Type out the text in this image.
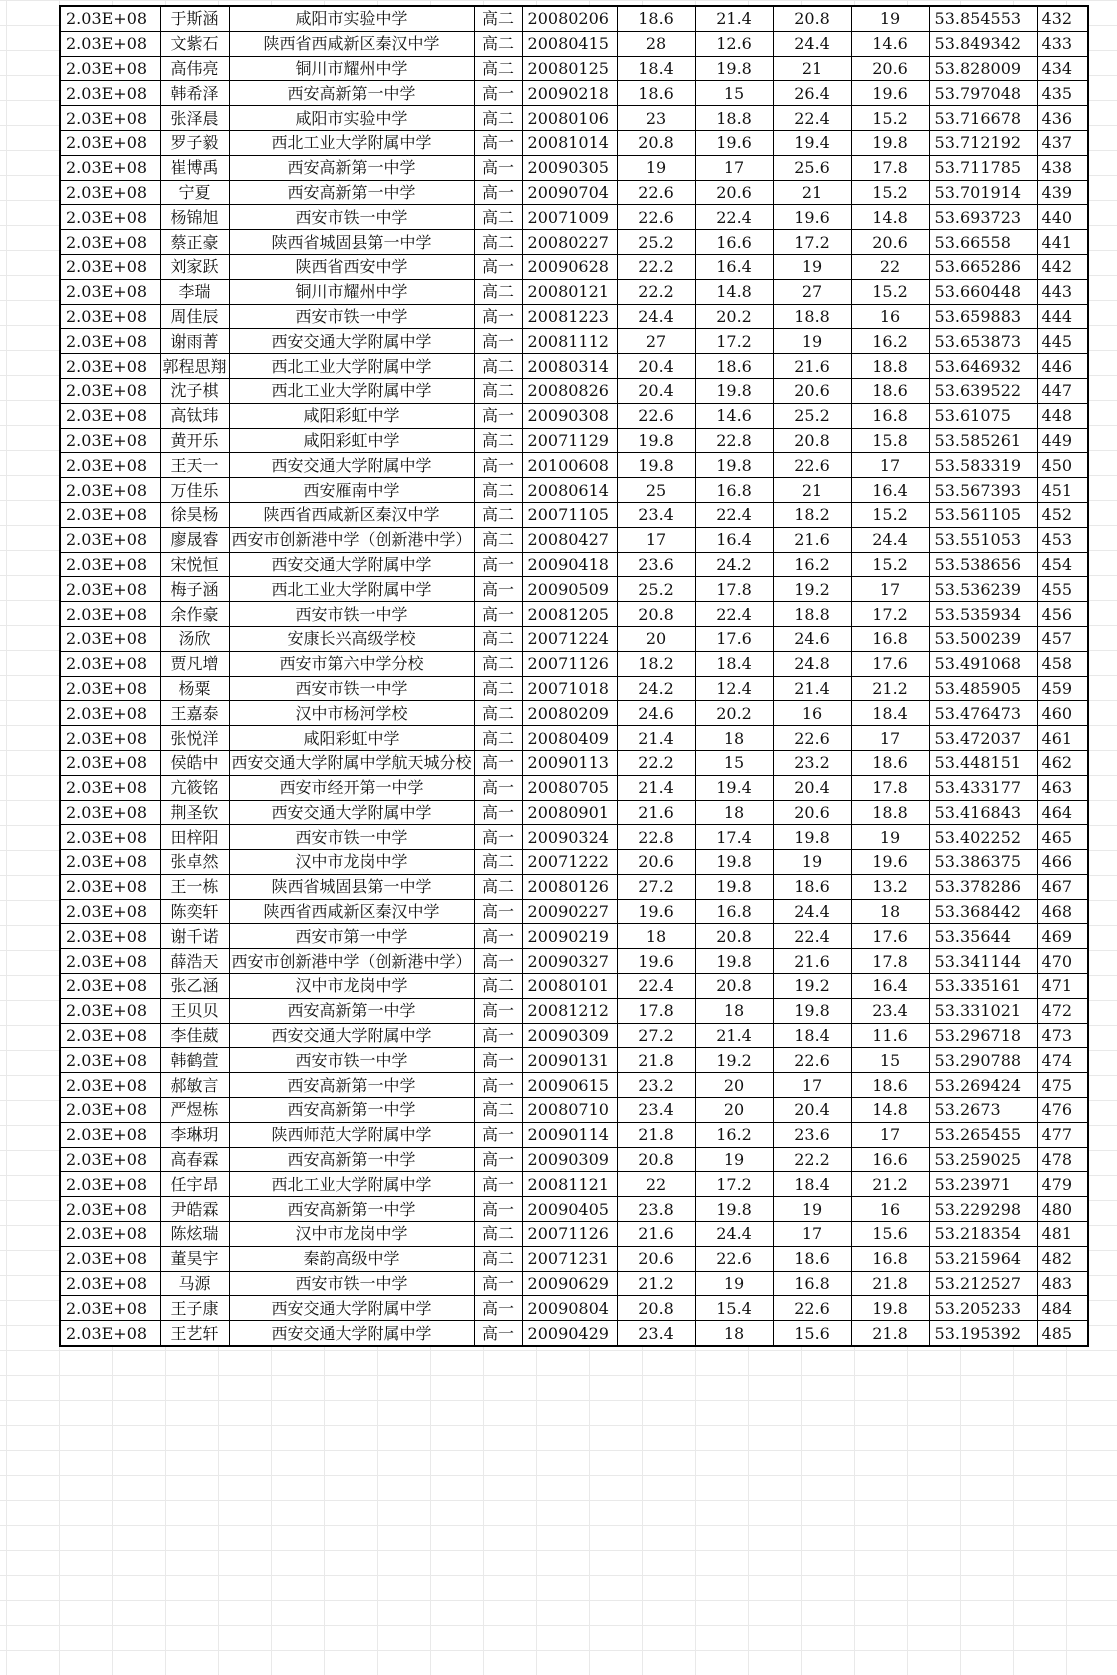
2.03E+08	于斯涵	咸阳市实验中学	高二	20080206	18.6	21.4	20.8	19	53.854553	432
2.03E+08	文紫石	陕西省西咸新区秦汉中学	高二	20080415	28	12.6	24.4	14.6	53.849342	433
2.03E+08	高伟亮	铜川市耀州中学	高二	20080125	18.4	19.8	21	20.6	53.828009	434
2.03E+08	韩希泽	西安高新第一中学	高一	20090218	18.6	15	26.4	19.6	53.797048	435
2.03E+08	张泽晨	咸阳市实验中学	高二	20080106	23	18.8	22.4	15.2	53.716678	436
2.03E+08	罗子毅	西北工业大学附属中学	高一	20081014	20.8	19.6	19.4	19.8	53.712192	437
2.03E+08	崔博禹	西安高新第一中学	高一	20090305	19	17	25.6	17.8	53.711785	438
2.03E+08	宁夏	西安高新第一中学	高一	20090704	22.6	20.6	21	15.2	53.701914	439
2.03E+08	杨锦旭	西安市铁一中学	高二	20071009	22.6	22.4	19.6	14.8	53.693723	440
2.03E+08	蔡正豪	陕西省城固县第一中学	高二	20080227	25.2	16.6	17.2	20.6	53.66558	441
2.03E+08	刘家跃	陕西省西安中学	高一	20090628	22.2	16.4	19	22	53.665286	442
2.03E+08	李瑞	铜川市耀州中学	高二	20080121	22.2	14.8	27	15.2	53.660448	443
2.03E+08	周佳辰	西安市铁一中学	高一	20081223	24.4	20.2	18.8	16	53.659883	444
2.03E+08	谢雨菁	西安交通大学附属中学	高一	20081112	27	17.2	19	16.2	53.653873	445
2.03E+08	郭程思翔	西北工业大学附属中学	高二	20080314	20.4	18.6	21.6	18.8	53.646932	446
2.03E+08	沈子棋	西北工业大学附属中学	高二	20080826	20.4	19.8	20.6	18.6	53.639522	447
2.03E+08	高钛玮	咸阳彩虹中学	高一	20090308	22.6	14.6	25.2	16.8	53.61075	448
2.03E+08	黄开乐	咸阳彩虹中学	高二	20071129	19.8	22.8	20.8	15.8	53.585261	449
2.03E+08	王天一	西安交通大学附属中学	高一	20100608	19.8	19.8	22.6	17	53.583319	450
2.03E+08	万佳乐	西安雁南中学	高二	20080614	25	16.8	21	16.4	53.567393	451
2.03E+08	徐昊杨	陕西省西咸新区秦汉中学	高二	20071105	23.4	22.4	18.2	15.2	53.561105	452
2.03E+08	廖晟睿	西安市创新港中学（创新港中学）	高二	20080427	17	16.4	21.6	24.4	53.551053	453
2.03E+08	宋悦恒	西安交通大学附属中学	高一	20090418	23.6	24.2	16.2	15.2	53.538656	454
2.03E+08	梅子涵	西北工业大学附属中学	高一	20090509	25.2	17.8	19.2	17	53.536239	455
2.03E+08	余作豪	西安市铁一中学	高一	20081205	20.8	22.4	18.8	17.2	53.535934	456
2.03E+08	汤欣	安康长兴高级学校	高二	20071224	20	17.6	24.6	16.8	53.500239	457
2.03E+08	贾凡增	西安市第六中学分校	高二	20071126	18.2	18.4	24.8	17.6	53.491068	458
2.03E+08	杨粟	西安市铁一中学	高二	20071018	24.2	12.4	21.4	21.2	53.485905	459
2.03E+08	王嘉泰	汉中市杨河学校	高二	20080209	24.6	20.2	16	18.4	53.476473	460
2.03E+08	张悦洋	咸阳彩虹中学	高二	20080409	21.4	18	22.6	17	53.472037	461
2.03E+08	侯皓中	西安交通大学附属中学航天城分校	高一	20090113	22.2	15	23.2	18.6	53.448151	462
2.03E+08	亢筱铭	西安市经开第一中学	高一	20080705	21.4	19.4	20.4	17.8	53.433177	463
2.03E+08	荆圣钦	西安交通大学附属中学	高一	20080901	21.6	18	20.6	18.8	53.416843	464
2.03E+08	田梓阳	西安市铁一中学	高一	20090324	22.8	17.4	19.8	19	53.402252	465
2.03E+08	张卓然	汉中市龙岗中学	高二	20071222	20.6	19.8	19	19.6	53.386375	466
2.03E+08	王一栋	陕西省城固县第一中学	高二	20080126	27.2	19.8	18.6	13.2	53.378286	467
2.03E+08	陈奕轩	陕西省西咸新区秦汉中学	高一	20090227	19.6	16.8	24.4	18	53.368442	468
2.03E+08	谢千诺	西安市第一中学	高一	20090219	18	20.8	22.4	17.6	53.35644	469
2.03E+08	薛浩天	西安市创新港中学（创新港中学）	高一	20090327	19.6	19.8	21.6	17.8	53.341144	470
2.03E+08	张乙涵	汉中市龙岗中学	高二	20080101	22.4	20.8	19.2	16.4	53.335161	471
2.03E+08	王贝贝	西安高新第一中学	高一	20081212	17.8	18	19.8	23.4	53.331021	472
2.03E+08	李佳葳	西安交通大学附属中学	高一	20090309	27.2	21.4	18.4	11.6	53.296718	473
2.03E+08	韩鹤萱	西安市铁一中学	高一	20090131	21.8	19.2	22.6	15	53.290788	474
2.03E+08	郝敏言	西安高新第一中学	高一	20090615	23.2	20	17	18.6	53.269424	475
2.03E+08	严煜栋	西安高新第一中学	高二	20080710	23.4	20	20.4	14.8	53.2673	476
2.03E+08	李琳玥	陕西师范大学附属中学	高一	20090114	21.8	16.2	23.6	17	53.265455	477
2.03E+08	高春霖	西安高新第一中学	高一	20090309	20.8	19	22.2	16.6	53.259025	478
2.03E+08	任宇昂	西北工业大学附属中学	高一	20081121	22	17.2	18.4	21.2	53.23971	479
2.03E+08	尹皓霖	西安高新第一中学	高一	20090405	23.8	19.8	19	16	53.229298	480
2.03E+08	陈炫瑞	汉中市龙岗中学	高二	20071126	21.6	24.4	17	15.6	53.218354	481
2.03E+08	董昊宇	秦韵高级中学	高二	20071231	20.6	22.6	18.6	16.8	53.215964	482
2.03E+08	马源	西安市铁一中学	高一	20090629	21.2	19	16.8	21.8	53.212527	483
2.03E+08	王子康	西安交通大学附属中学	高一	20090804	20.8	15.4	22.6	19.8	53.205233	484
2.03E+08	王艺轩	西安交通大学附属中学	高一	20090429	23.4	18	15.6	21.8	53.195392	485
